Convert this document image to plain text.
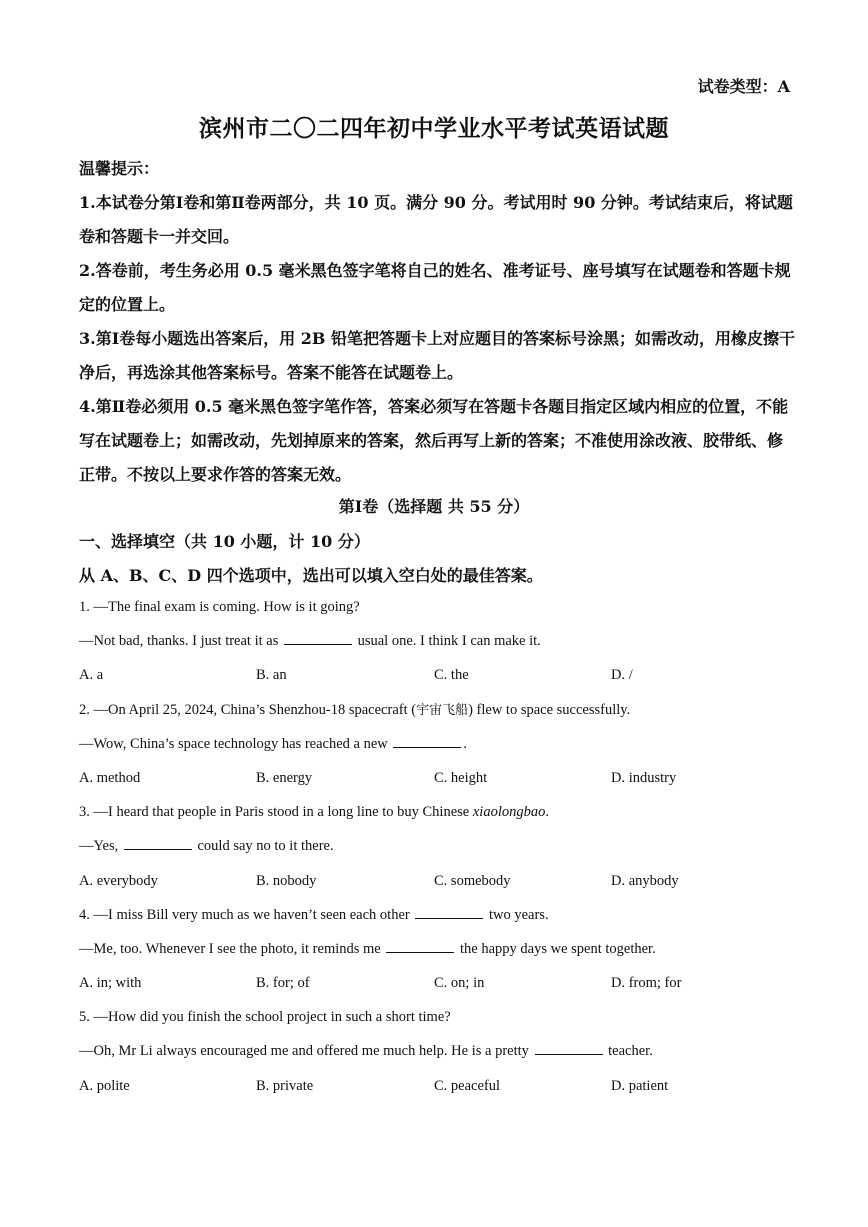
试卷类型：A
滨州市二〇二四年初中学业水平考试英语试题

温馨提示：

1.本试卷分第Ⅰ卷和第Ⅱ卷两部分，共 10 页。满分 90 分。考试用时 90 分钟。考试结束后，将试题卷和答题卡一并交回。

2.答卷前，考生务必用 0.5 毫米黑色签字笔将自己的姓名、准考证号、座号填写在试题卷和答题卡规定的位置上。

3.第Ⅰ卷每小题选出答案后，用 2B 铅笔把答题卡上对应题目的答案标号涂黑；如需改动，用橡皮擦干净后，再选涂其他答案标号。答案不能答在试题卷上。

4.第Ⅱ卷必须用 0.5 毫米黑色签字笔作答，答案必须写在答题卡各题目指定区域内相应的位置，不能写在试题卷上；如需改动，先划掉原来的答案，然后再写上新的答案；不准使用涂改液、胶带纸、修正带。不按以上要求作答的答案无效。

第Ⅰ卷（选择题 共 55 分）
一、选择填空（共 10 小题，计 10 分）
从 A、B、C、D 四个选项中，选出可以填入空白处的最佳答案。
1. —The final exam is coming. How is it going?
—Not bad, thanks. I just treat it as	usual one. I think I can make it.
A. a	B. an	C. the	D. /
2. —On April 25, 2024, China’s Shenzhou-18 spacecraft (宇宙飞船) flew to space successfully.
—Wow, China’s space technology has reached a new	.
A. method	B. energy	C. height	D. industry
3. —I heard that people in Paris stood in a long line to buy Chinese xiaolongbao.
—Yes,	could say no to it there.
A. everybody	B. nobody	C. somebody	D. anybody
4. —I miss Bill very much as we haven’t seen each other	two years.
—Me, too. Whenever I see the photo, it reminds me	the happy days we spent together.
A. in; with	B. for; of	C. on; in	D. from; for
5. —How did you finish the school project in such a short time?
—Oh, Mr Li always encouraged me and offered me much help. He is a pretty	teacher.
A. polite	B. private	C. peaceful	D. patient
